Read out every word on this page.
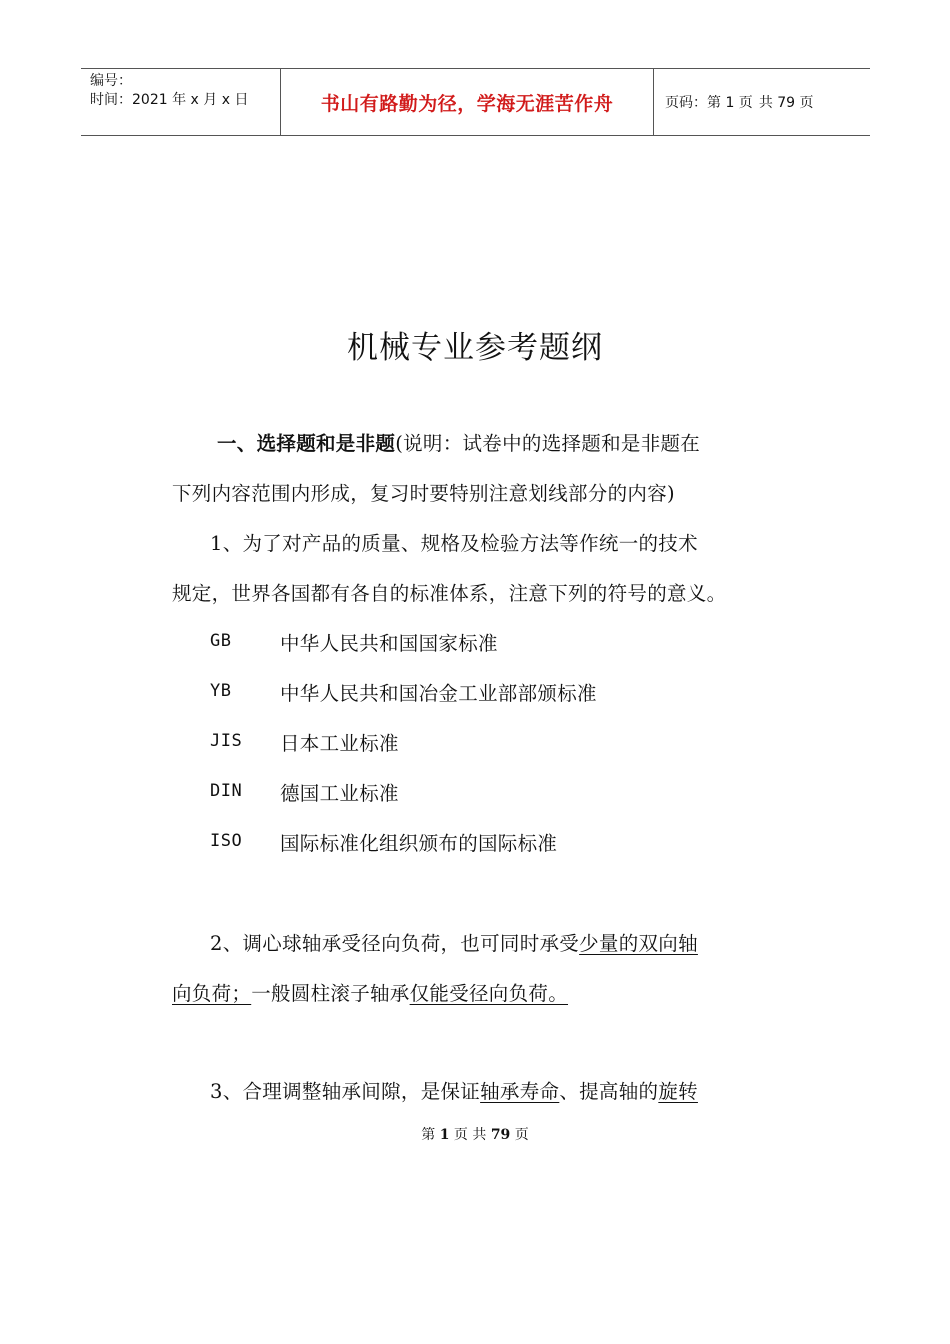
编号：
时间：2021 年 x 月 x 日	书山有路勤为径，学海无涯苦作舟	页码：第 1 页 共 79 页
机械专业参考题纲
一、选择题和是非题(说明：试卷中的选择题和是非题在
下列内容范围内形成，复习时要特别注意划线部分的内容)
1、为了对产品的质量、规格及检验方法等作统一的技术
规定，世界各国都有各自的标准体系，注意下列的符号的意义。
GB 中华人民共和国国家标准
YB 中华人民共和国冶金工业部部颁标准
JIS 日本工业标准
DIN 德国工业标准
ISO 国际标准化组织颁布的国际标准
2、调心球轴承受径向负荷，也可同时承受少量的双向轴
向负荷；一般圆柱滚子轴承仅能受径向负荷。
3、合理调整轴承间隙，是保证轴承寿命、提高轴的旋转
第 1 页 共 79 页
